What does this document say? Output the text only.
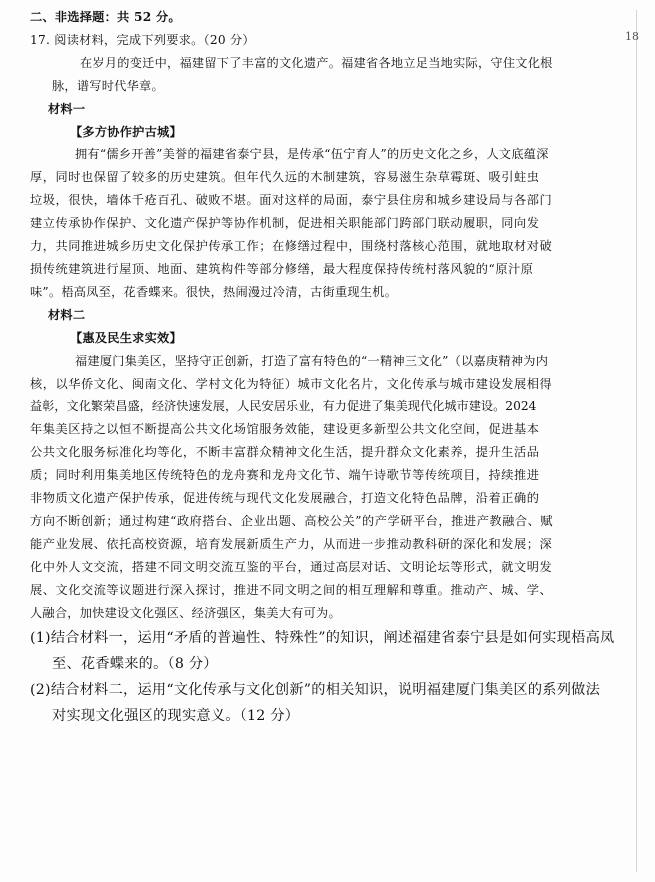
18
二、非选择题：共 52 分。
17. 阅读材料，完成下列要求。（20 分）
在岁月的变迁中，福建留下了丰富的文化遗产。福建省各地立足当地实际，守住文化根
脉，谱写时代华章。
材料一
【多方协作护古城】
拥有“儒乡开善”美誉的福建省泰宁县，是传承“伍宁育人”的历史文化之乡，人文底蕴深
厚，同时也保留了较多的历史建筑。但年代久远的木制建筑，容易滋生杂草霉斑、吸引蛀虫
垃圾，很快，墙体千疮百孔、破败不堪。面对这样的局面，泰宁县住房和城乡建设局与各部门
建立传承协作保护、文化遗产保护等协作机制，促进相关职能部门跨部门联动履职，同向发
力，共同推进城乡历史文化保护传承工作；在修缮过程中，围绕村落核心范围，就地取材对破
损传统建筑进行屋顶、地面、建筑构件等部分修缮，最大程度保持传统村落风貌的“原汁原
味”。梧高凤至，花香蝶来。很快，热闹漫过冷清，古街重现生机。
材料二
【惠及民生求实效】
福建厦门集美区，坚持守正创新，打造了富有特色的“一精神三文化”（以嘉庚精神为内
核，以华侨文化、闽南文化、学村文化为特征）城市文化名片，文化传承与城市建设发展相得
益彰，文化繁荣昌盛，经济快速发展，人民安居乐业，有力促进了集美现代化城市建设。2024
年集美区持之以恒不断提高公共文化场馆服务效能，建设更多新型公共文化空间，促进基本
公共文化服务标准化均等化，不断丰富群众精神文化生活，提升群众文化素养，提升生活品
质；同时利用集美地区传统特色的龙舟赛和龙舟文化节、端午诗歌节等传统项目，持续推进
非物质文化遗产保护传承，促进传统与现代文化发展融合，打造文化特色品牌，沿着正确的
方向不断创新；通过构建“政府搭台、企业出题、高校公关”的产学研平台，推进产教融合、赋
能产业发展、依托高校资源，培育发展新质生产力，从而进一步推动教科研的深化和发展；深
化中外人文交流，搭建不同文明交流互鉴的平台，通过高层对话、文明论坛等形式，就文明发
展、文化交流等议题进行深入探讨，推进不同文明之间的相互理解和尊重。推动产、城、学、
人融合，加快建设文化强区、经济强区，集美大有可为。
(1)结合材料一，运用“矛盾的普遍性、特殊性”的知识，阐述福建省泰宁县是如何实现梧高凤
至、花香蝶来的。（8 分）
(2)结合材料二，运用“文化传承与文化创新”的相关知识，说明福建厦门集美区的系列做法
对实现文化强区的现实意义。（12 分）
